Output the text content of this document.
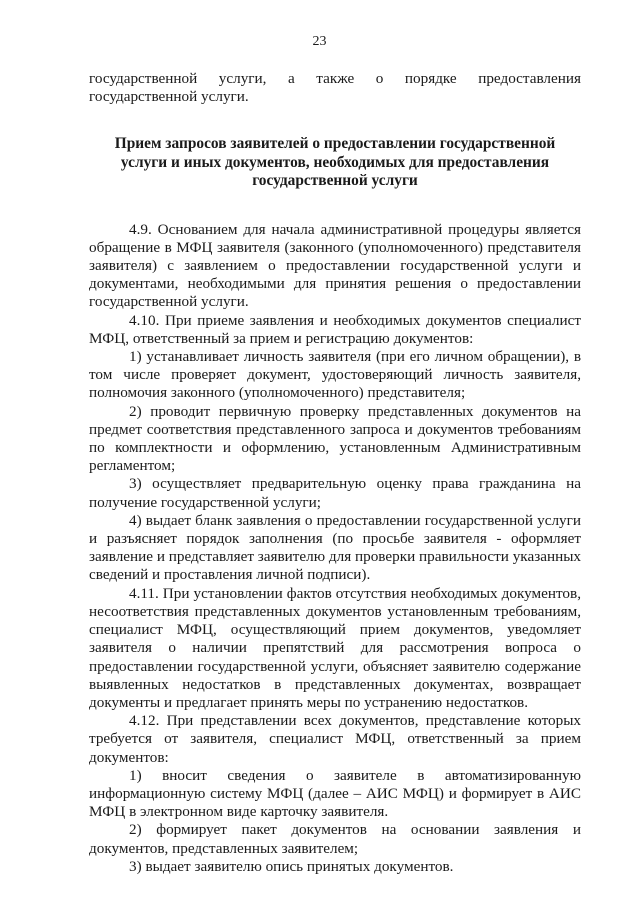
23

государственной услуги, а также о порядке предоставления государственной услуги.

Прием запросов заявителей о предоставлении государственной услуги и иных документов, необходимых для предоставления государственной услуги

4.9. Основанием для начала административной процедуры является обращение в МФЦ заявителя (законного (уполномоченного) представителя заявителя) с заявлением о предоставлении государственной услуги и документами, необходимыми для принятия решения о предоставлении государственной услуги.

4.10. При приеме заявления и необходимых документов специалист МФЦ, ответственный за прием и регистрацию документов:

1) устанавливает личность заявителя (при его личном обращении), в том числе проверяет документ, удостоверяющий личность заявителя, полномочия законного (уполномоченного) представителя;

2) проводит первичную проверку представленных документов на предмет соответствия представленного запроса и документов требованиям по комплектности и оформлению, установленным Административным регламентом;

3) осуществляет предварительную оценку права гражданина на получение государственной услуги;

4) выдает бланк заявления о предоставлении государственной услуги и разъясняет порядок заполнения (по просьбе заявителя - оформляет заявление и представляет заявителю для проверки правильности указанных сведений и проставления личной подписи).

4.11. При установлении фактов отсутствия необходимых документов, несоответствия представленных документов установленным требованиям, специалист МФЦ, осуществляющий прием документов, уведомляет заявителя о наличии препятствий для рассмотрения вопроса о предоставлении государственной услуги, объясняет заявителю содержание выявленных недостатков в представленных документах, возвращает документы и предлагает принять меры по устранению недостатков.

4.12. При представлении всех документов, представление которых требуется от заявителя, специалист МФЦ, ответственный за прием документов:

1) вносит сведения о заявителе в автоматизированную информационную систему МФЦ (далее – АИС МФЦ) и формирует в АИС МФЦ в электронном виде карточку заявителя.

2) формирует пакет документов на основании заявления и документов, представленных заявителем;

3) выдает заявителю опись принятых документов.
